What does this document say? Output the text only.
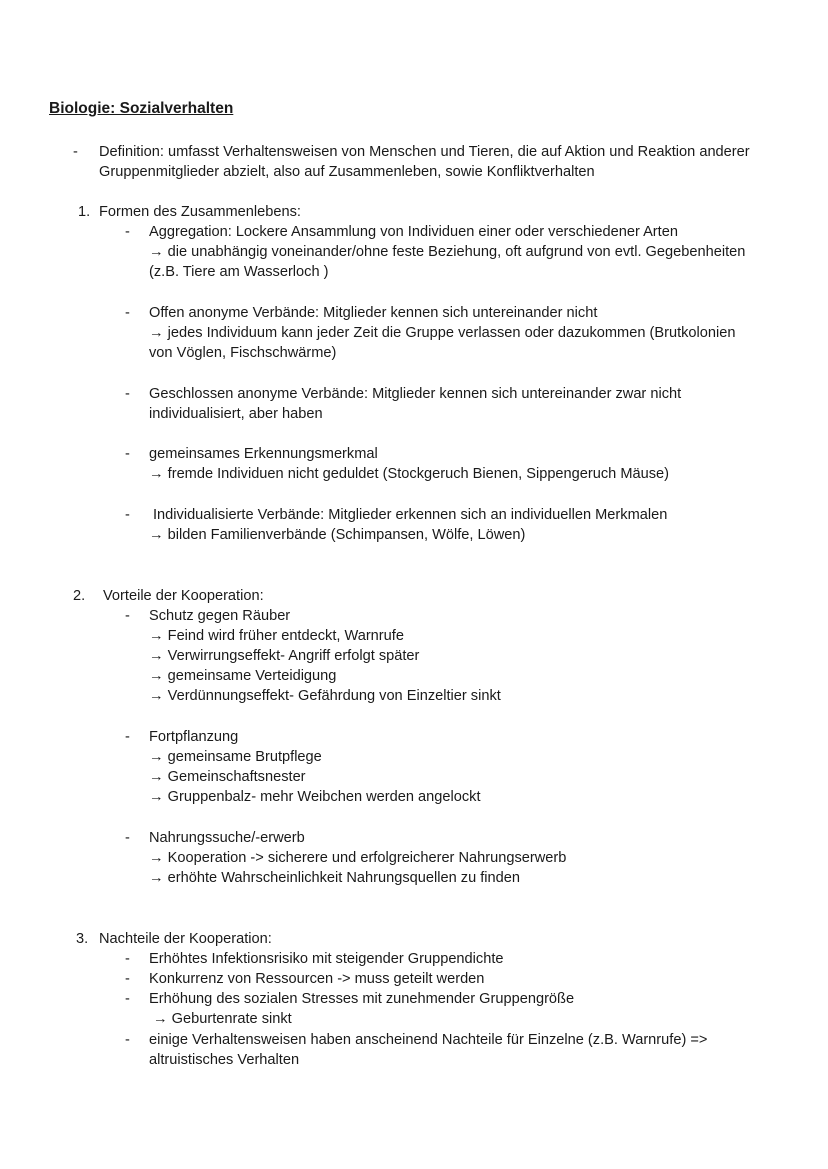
Biologie: Sozialverhalten
- Definition: umfasst Verhaltensweisen von Menschen und Tieren, die auf Aktion und Reaktion anderer
Gruppenmitglieder abzielt, also auf Zusammenleben, sowie Konfliktverhalten
1. Formen des Zusammenlebens:
- Aggregation: Lockere Ansammlung von Individuen einer oder verschiedener Arten
→ die unabhängig voneinander/ohne feste Beziehung, oft aufgrund von evtl. Gegebenheiten
(z.B. Tiere am Wasserloch )
- Offen anonyme Verbände: Mitglieder kennen sich untereinander nicht
→ jedes Individuum kann jeder Zeit die Gruppe verlassen oder dazukommen (Brutkolonien
von Vöglen, Fischschwärme)
- Geschlossen anonyme Verbände: Mitglieder kennen sich untereinander zwar nicht
individualisiert, aber haben
- gemeinsames Erkennungsmerkmal
→ fremde Individuen nicht geduldet (Stockgeruch Bienen, Sippengeruch Mäuse)
- Individualisierte Verbände: Mitglieder erkennen sich an individuellen Merkmalen
→ bilden Familienverbände (Schimpansen, Wölfe, Löwen)
2. Vorteile der Kooperation:
- Schutz gegen Räuber
→ Feind wird früher entdeckt, Warnrufe
→ Verwirrungseffekt- Angriff erfolgt später
→ gemeinsame Verteidigung
→ Verdünnungseffekt- Gefährdung von Einzeltier sinkt
- Fortpflanzung
→ gemeinsame Brutpflege
→ Gemeinschaftsnester
→ Gruppenbalz- mehr Weibchen werden angelockt
- Nahrungssuche/-erwerb
→ Kooperation -> sicherere und erfolgreicherer Nahrungserwerb
→ erhöhte Wahrscheinlichkeit Nahrungsquellen zu finden
3. Nachteile der Kooperation:
- Erhöhtes Infektionsrisiko mit steigender Gruppendichte
- Konkurrenz von Ressourcen -> muss geteilt werden
- Erhöhung des sozialen Stresses mit zunehmender Gruppengröße
→ Geburtenrate sinkt
- einige Verhaltensweisen haben anscheinend Nachteile für Einzelne (z.B. Warnrufe) =>
altruistisches Verhalten
